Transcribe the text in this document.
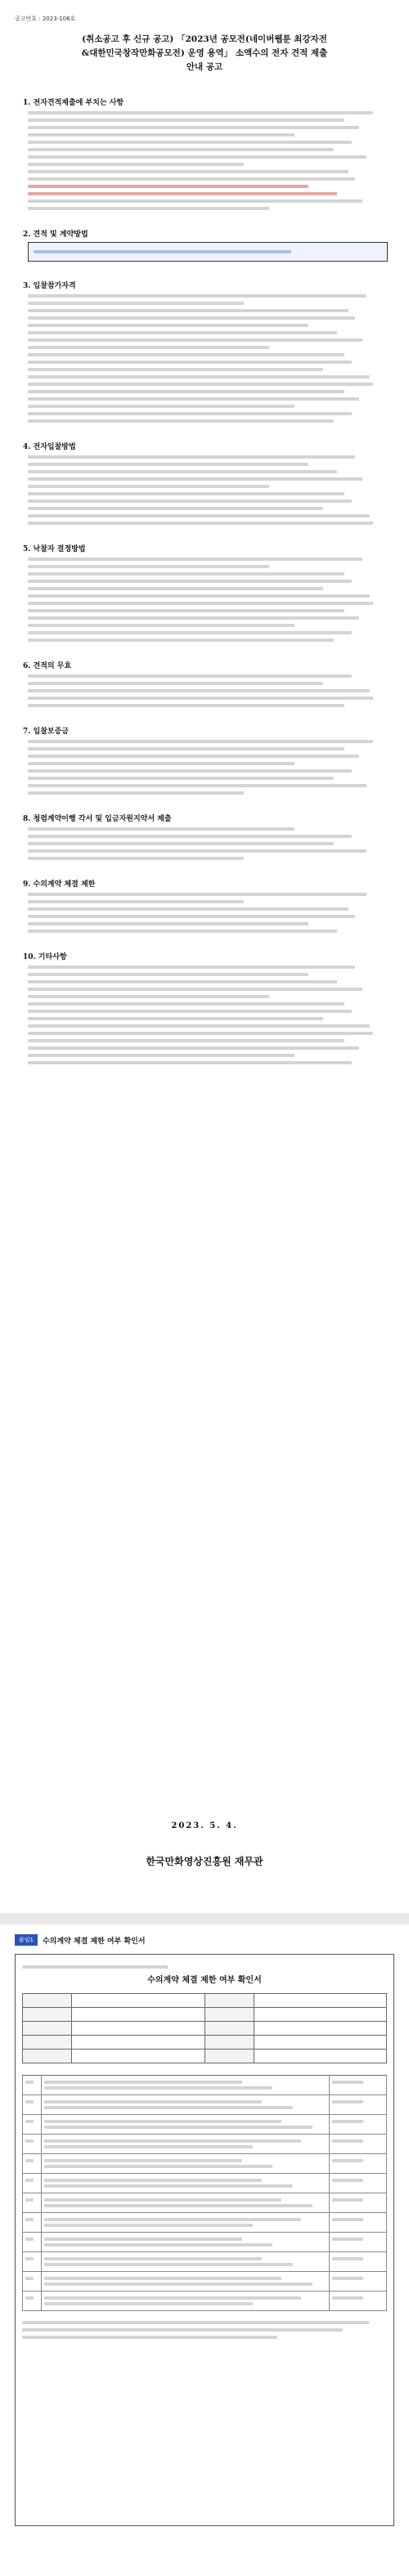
공고번호 : 2023-106호
(취소공고 후 신규 공고) 「2023년 공모전(네이버웹툰 최강자전
&대한민국창작만화공모전) 운영 용역」 소액수의 전자 견적 제출
안내 공고
1. 전자견적제출에 부치는 사항
2. 견적 및 계약방법
3. 입찰참가자격
4. 전자입찰방법
5. 낙찰자 결정방법
6. 견적의 무효
7. 입찰보증금
8. 청렴계약이행 각서 및 입금자원지약서 제출
9. 수의계약 체결 제한
10. 기타사항
2023. 5. 4.
한국만화영상진흥원 재무관
붙임1	수의계약 체결 제한 여부 확인서
수의계약 체결 제한 여부 확인서
